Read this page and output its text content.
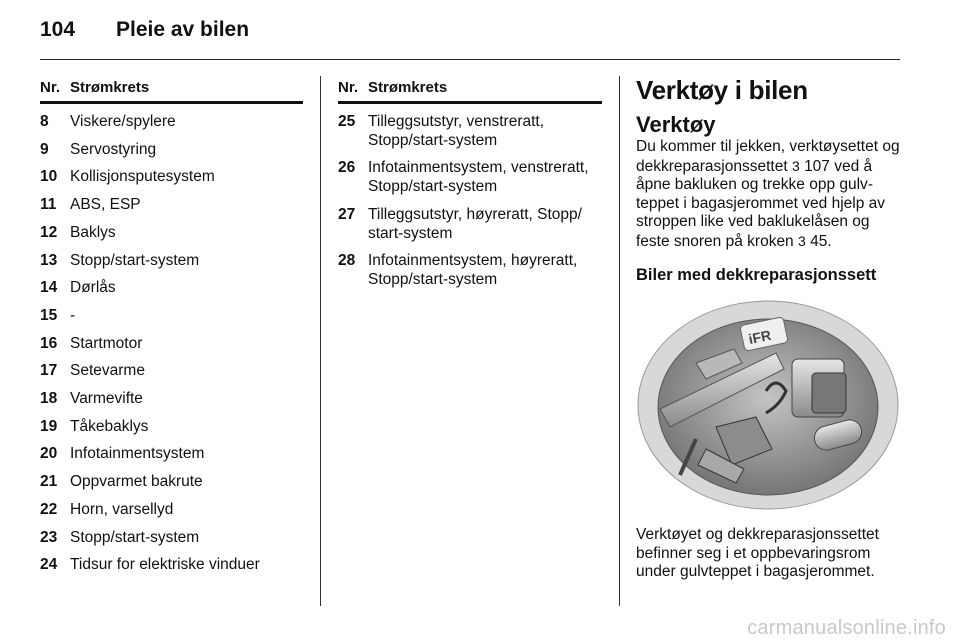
104 Pleie av bilen
Nr. Strømkrets
8	Viskere/spylere
9	Servostyring
10 Kollisjonsputesystem
11 ABS, ESP
12 Baklys
13 Stopp/start-system
14 Dørlås
15 -
16 Startmotor
17 Setevarme
18 Varmevifte
19 Tåkebaklys
20 Infotainmentsystem
21 Oppvarmet bakrute
22 Horn, varsellyd
23 Stopp/start-system
24 Tidsur for elektriske vinduer
Nr. Strømkrets
25 Tilleggsutstyr, venstreratt, Stopp/start-system
26 Infotainmentsystem, venstreratt, Stopp/start-system
27 Tilleggsutstyr, høyreratt, Stopp/ start-system
28 Infotainmentsystem, høyreratt, Stopp/start-system
Verktøy i bilen
Verktøy
Du kommer til jekken, verktøysettet og dekkreparasjonssettet 3 107 ved å åpne bakluken og trekke opp gulvteppet i bagasjerommet ved hjelp av stroppen like ved baklukelåsen og feste snoren på kroken 3 45.
Biler med dekkreparasjonssett
iFR
Verktøyet og dekkreparasjonssettet befinner seg i et oppbevaringsrom under gulvteppet i bagasjerommet.
carmanualsonline.info
